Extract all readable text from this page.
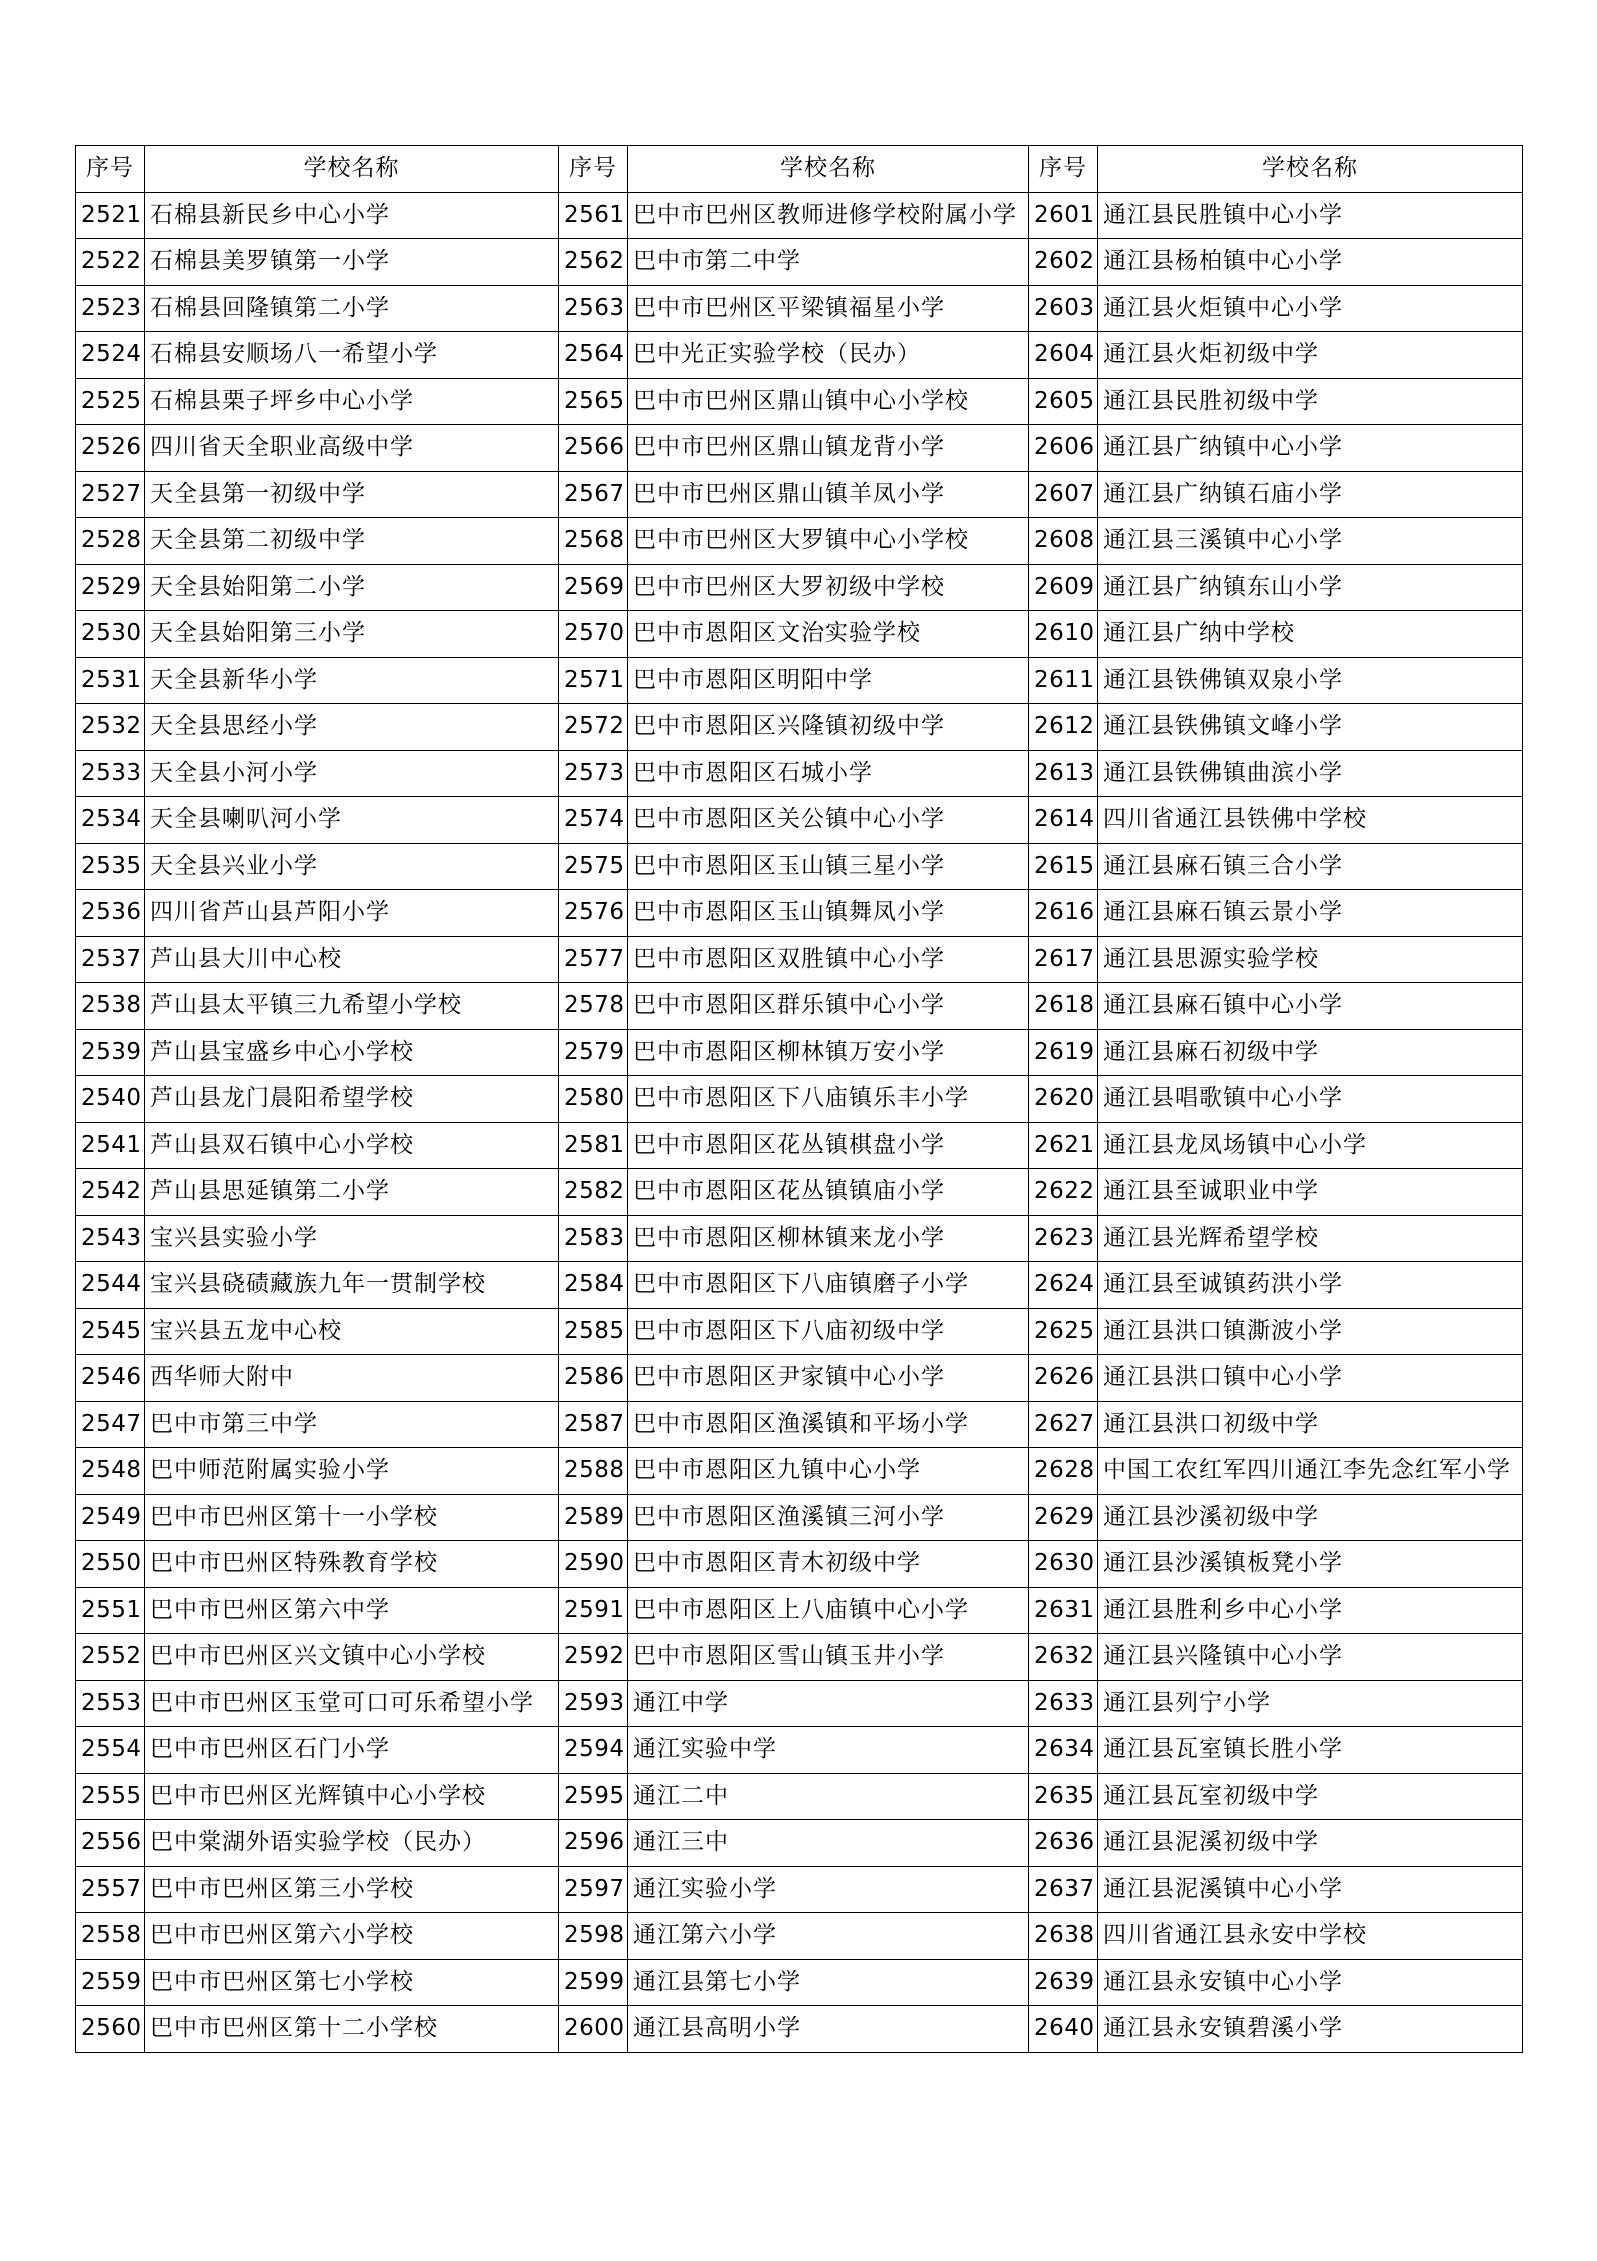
序号	学校名称	序号	学校名称	序号	学校名称
2521	石棉县新民乡中心小学	2561	巴中市巴州区教师进修学校附属小学	2601	通江县民胜镇中心小学
2522	石棉县美罗镇第一小学	2562	巴中市第二中学	2602	通江县杨柏镇中心小学
2523	石棉县回隆镇第二小学	2563	巴中市巴州区平梁镇福星小学	2603	通江县火炬镇中心小学
2524	石棉县安顺场八一希望小学	2564	巴中光正实验学校（民办）	2604	通江县火炬初级中学
2525	石棉县栗子坪乡中心小学	2565	巴中市巴州区鼎山镇中心小学校	2605	通江县民胜初级中学
2526	四川省天全职业高级中学	2566	巴中市巴州区鼎山镇龙背小学	2606	通江县广纳镇中心小学
2527	天全县第一初级中学	2567	巴中市巴州区鼎山镇羊凤小学	2607	通江县广纳镇石庙小学
2528	天全县第二初级中学	2568	巴中市巴州区大罗镇中心小学校	2608	通江县三溪镇中心小学
2529	天全县始阳第二小学	2569	巴中市巴州区大罗初级中学校	2609	通江县广纳镇东山小学
2530	天全县始阳第三小学	2570	巴中市恩阳区文治实验学校	2610	通江县广纳中学校
2531	天全县新华小学	2571	巴中市恩阳区明阳中学	2611	通江县铁佛镇双泉小学
2532	天全县思经小学	2572	巴中市恩阳区兴隆镇初级中学	2612	通江县铁佛镇文峰小学
2533	天全县小河小学	2573	巴中市恩阳区石城小学	2613	通江县铁佛镇曲滨小学
2534	天全县喇叭河小学	2574	巴中市恩阳区关公镇中心小学	2614	四川省通江县铁佛中学校
2535	天全县兴业小学	2575	巴中市恩阳区玉山镇三星小学	2615	通江县麻石镇三合小学
2536	四川省芦山县芦阳小学	2576	巴中市恩阳区玉山镇舞凤小学	2616	通江县麻石镇云景小学
2537	芦山县大川中心校	2577	巴中市恩阳区双胜镇中心小学	2617	通江县思源实验学校
2538	芦山县太平镇三九希望小学校	2578	巴中市恩阳区群乐镇中心小学	2618	通江县麻石镇中心小学
2539	芦山县宝盛乡中心小学校	2579	巴中市恩阳区柳林镇万安小学	2619	通江县麻石初级中学
2540	芦山县龙门晨阳希望学校	2580	巴中市恩阳区下八庙镇乐丰小学	2620	通江县唱歌镇中心小学
2541	芦山县双石镇中心小学校	2581	巴中市恩阳区花丛镇棋盘小学	2621	通江县龙凤场镇中心小学
2542	芦山县思延镇第二小学	2582	巴中市恩阳区花丛镇镇庙小学	2622	通江县至诚职业中学
2543	宝兴县实验小学	2583	巴中市恩阳区柳林镇来龙小学	2623	通江县光辉希望学校
2544	宝兴县硗碛藏族九年一贯制学校	2584	巴中市恩阳区下八庙镇磨子小学	2624	通江县至诚镇药洪小学
2545	宝兴县五龙中心校	2585	巴中市恩阳区下八庙初级中学	2625	通江县洪口镇澌波小学
2546	西华师大附中	2586	巴中市恩阳区尹家镇中心小学	2626	通江县洪口镇中心小学
2547	巴中市第三中学	2587	巴中市恩阳区渔溪镇和平场小学	2627	通江县洪口初级中学
2548	巴中师范附属实验小学	2588	巴中市恩阳区九镇中心小学	2628	中国工农红军四川通江李先念红军小学
2549	巴中市巴州区第十一小学校	2589	巴中市恩阳区渔溪镇三河小学	2629	通江县沙溪初级中学
2550	巴中市巴州区特殊教育学校	2590	巴中市恩阳区青木初级中学	2630	通江县沙溪镇板凳小学
2551	巴中市巴州区第六中学	2591	巴中市恩阳区上八庙镇中心小学	2631	通江县胜利乡中心小学
2552	巴中市巴州区兴文镇中心小学校	2592	巴中市恩阳区雪山镇玉井小学	2632	通江县兴隆镇中心小学
2553	巴中市巴州区玉堂可口可乐希望小学	2593	通江中学	2633	通江县列宁小学
2554	巴中市巴州区石门小学	2594	通江实验中学	2634	通江县瓦室镇长胜小学
2555	巴中市巴州区光辉镇中心小学校	2595	通江二中	2635	通江县瓦室初级中学
2556	巴中棠湖外语实验学校（民办）	2596	通江三中	2636	通江县泥溪初级中学
2557	巴中市巴州区第三小学校	2597	通江实验小学	2637	通江县泥溪镇中心小学
2558	巴中市巴州区第六小学校	2598	通江第六小学	2638	四川省通江县永安中学校
2559	巴中市巴州区第七小学校	2599	通江县第七小学	2639	通江县永安镇中心小学
2560	巴中市巴州区第十二小学校	2600	通江县高明小学	2640	通江县永安镇碧溪小学
